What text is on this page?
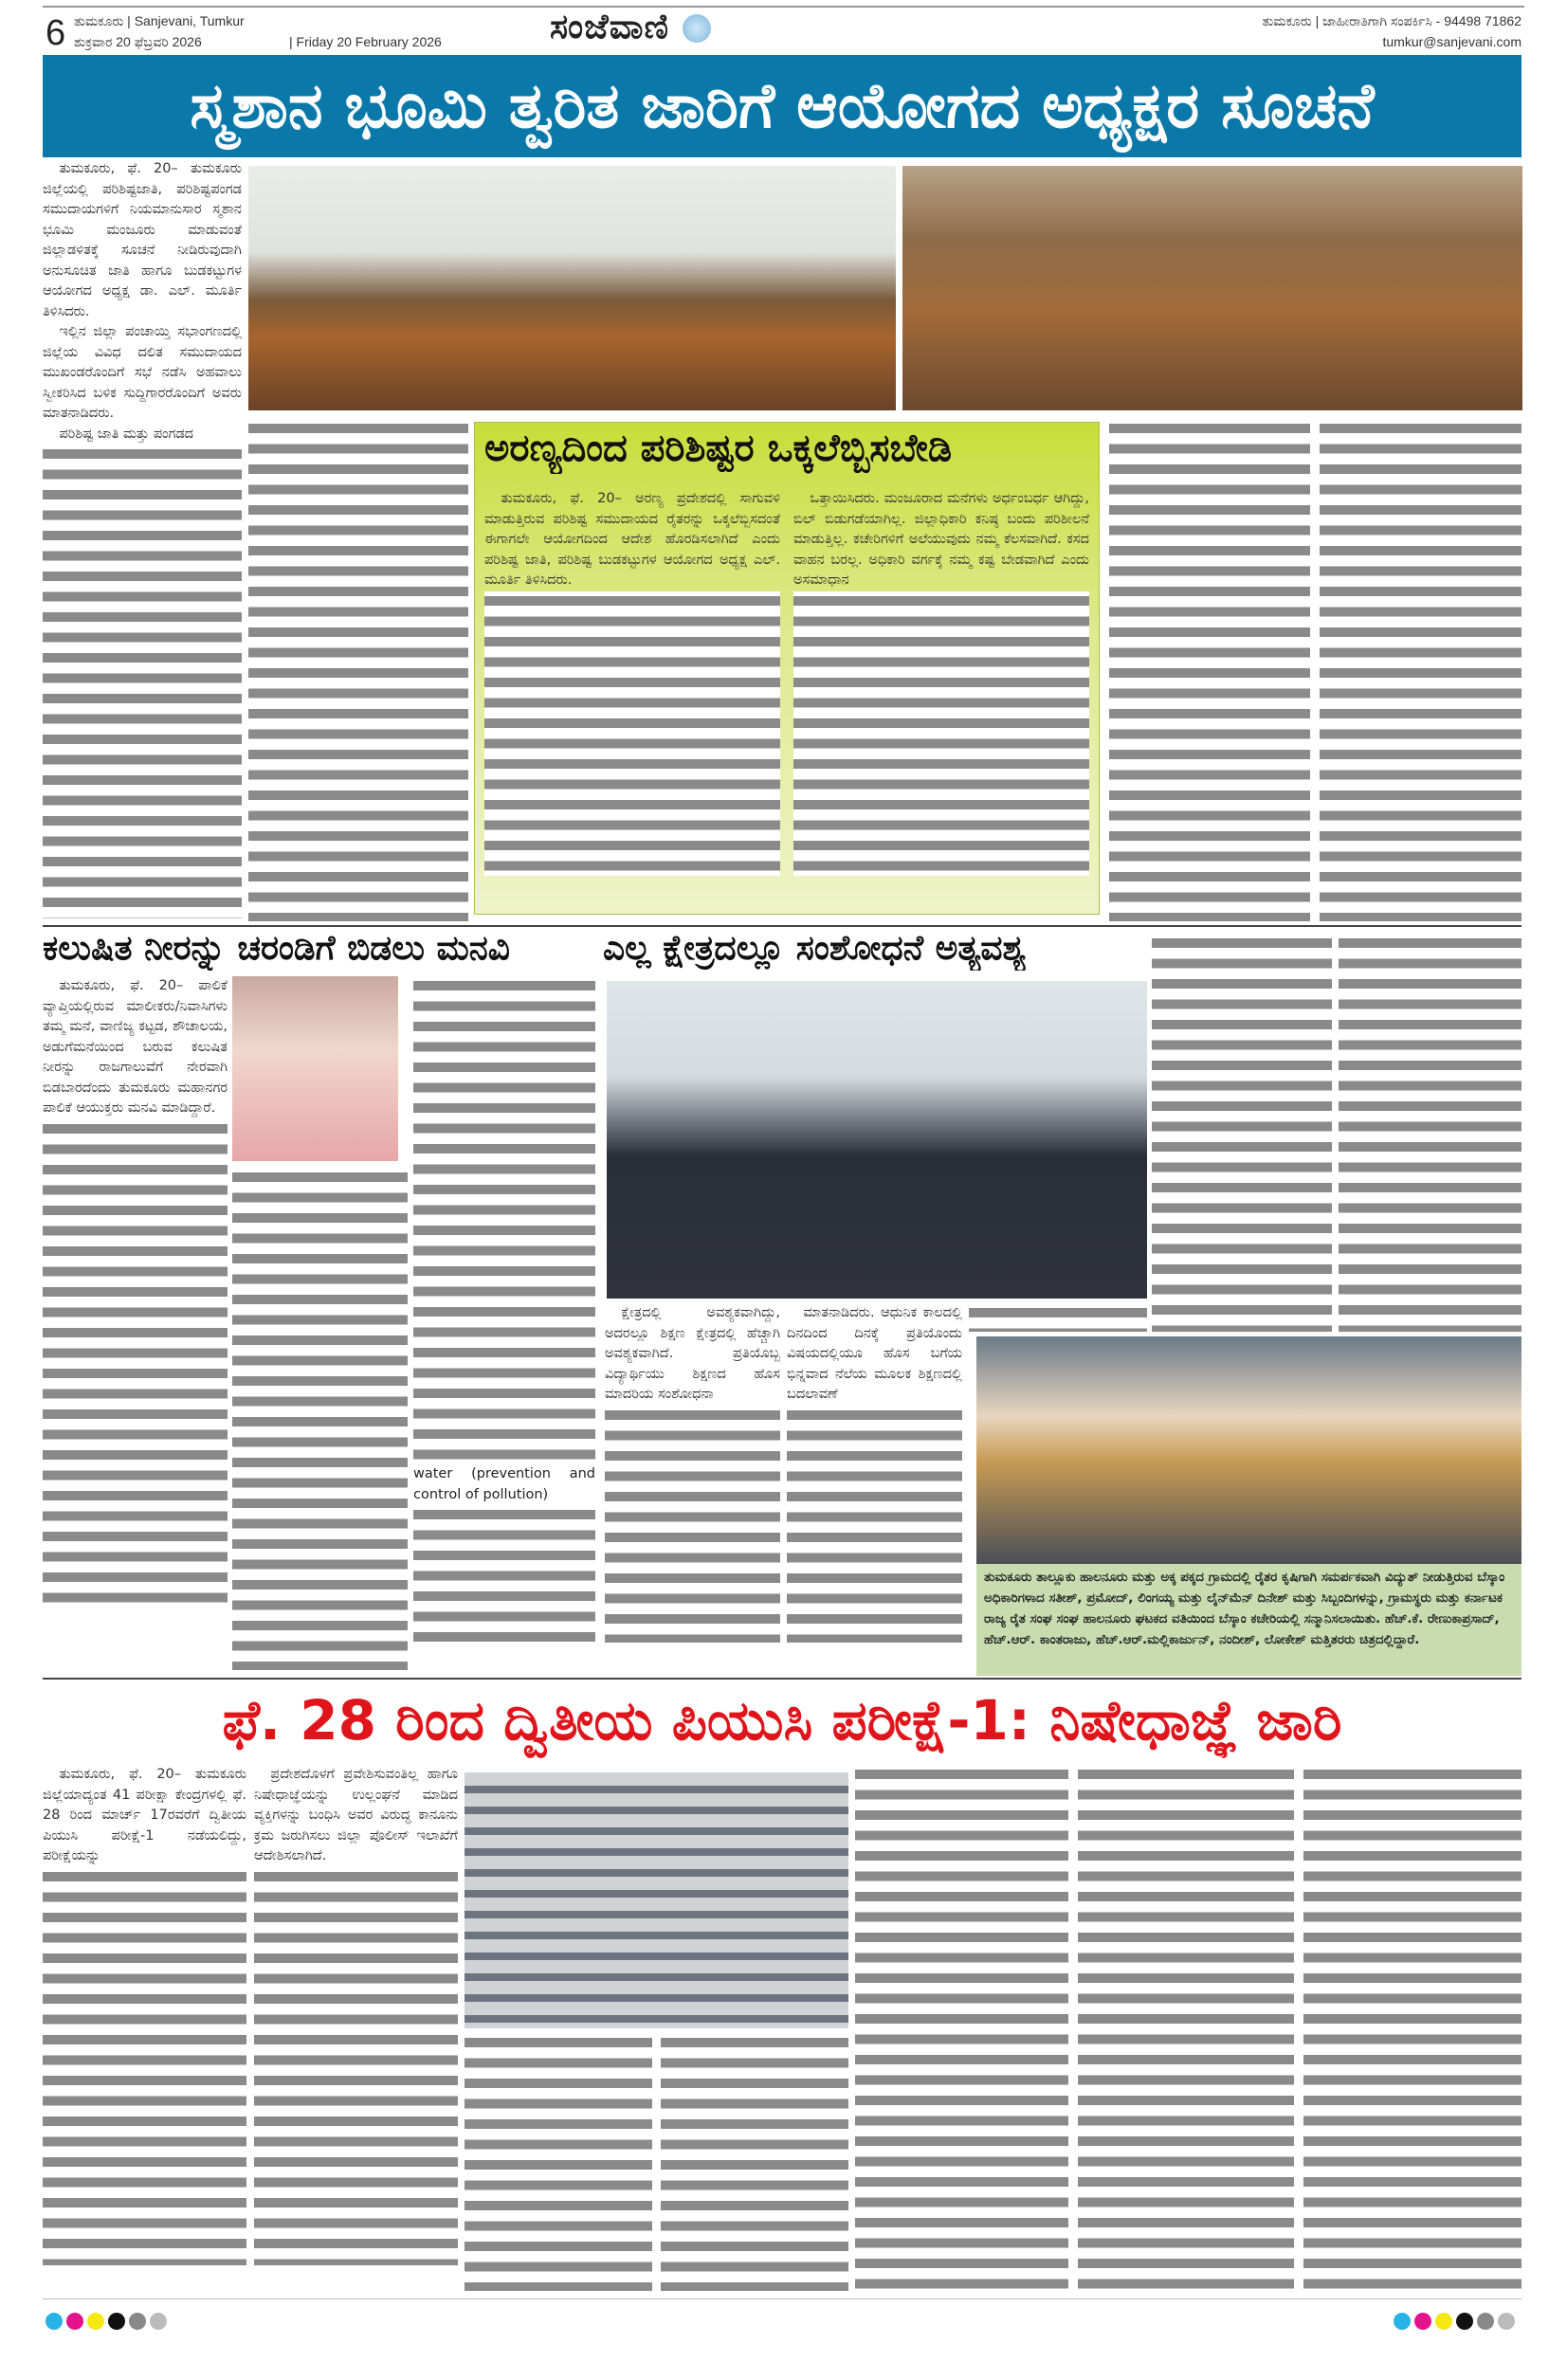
6 ತುಮಕೂರು | Sanjevani, Tumkur
ಶುಕ್ರವಾರ 20 ಫೆಬ್ರವರಿ 2026	| Friday 20 February 2026	ಸಂಜೆವಾಣಿ	ತುಮಕೂರು | ಜಾಹೀರಾತಿಗಾಗಿ ಸಂಪರ್ಕಿಸಿ - 94498 71862
tumkur@sanjevani.com
ಸ್ಮಶಾನ ಭೂಮಿ ತ್ವರಿತ ಜಾರಿಗೆ ಆಯೋಗದ ಅಧ್ಯಕ್ಷರ ಸೂಚನೆ

ತುಮಕೂರು, ಫೆ. 20– ತುಮಕೂರು ಜಿಲ್ಲೆಯಲ್ಲಿ ಪರಿಶಿಷ್ಟಜಾತಿ, ಪರಿಶಿಷ್ಟಪಂಗಡ ಸಮುದಾಯಗಳಿಗೆ ನಿಯಮಾನುಸಾರ ಸ್ಮಶಾನ ಭೂಮಿ ಮಂಜೂರು ಮಾಡುವಂತೆ ಜಿಲ್ಲಾಡಳಿತಕ್ಕೆ ಸೂಚನೆ ನೀಡಿರುವುದಾಗಿ ಅನುಸೂಚಿತ ಜಾತಿ ಹಾಗೂ ಬುಡಕಟ್ಟುಗಳ ಆಯೋಗದ ಅಧ್ಯಕ್ಷ ಡಾ. ಎಲ್. ಮೂರ್ತಿ ತಿಳಿಸಿದರು.

ಇಲ್ಲಿನ ಜಿಲ್ಲಾ ಪಂಚಾಯ್ತಿ ಸಭಾಂಗಣದಲ್ಲಿ ಜಿಲ್ಲೆಯ ವಿವಿಧ ದಲಿತ ಸಮುದಾಯದ ಮುಖಂಡರೊಂದಿಗೆ ಸಭೆ ನಡೆಸಿ ಅಹವಾಲು ಸ್ವೀಕರಿಸಿದ ಬಳಿಕ ಸುದ್ದಿಗಾರರೊಂದಿಗೆ ಅವರು ಮಾತನಾಡಿದರು.

ಪರಿಶಿಷ್ಟ ಜಾತಿ ಮತ್ತು ಪಂಗಡದ	ಅರಣ್ಯದಿಂದ ಪರಿಶಿಷ್ಟರ ಒಕ್ಕಲೆಬ್ಬಿಸಬೇಡಿ

ತುಮಕೂರು, ಫೆ. 20– ಅರಣ್ಯ ಪ್ರದೇಶದಲ್ಲಿ ಸಾಗುವಳಿ ಮಾಡುತ್ತಿರುವ ಪರಿಶಿಷ್ಟ ಸಮುದಾಯದ ರೈತರನ್ನು ಒಕ್ಕಲೆಬ್ಬಿಸದಂತೆ ಈಗಾಗಲೇ ಆಯೋಗದಿಂದ ಆದೇಶ ಹೊರಡಿಸಲಾಗಿದೆ ಎಂದು ಪರಿಶಿಷ್ಟ ಜಾತಿ, ಪರಿಶಿಷ್ಟ ಬುಡಕಟ್ಟುಗಳ ಆಯೋಗದ ಅಧ್ಯಕ್ಷ ಎಲ್. ಮೂರ್ತಿ ತಿಳಿಸಿದರು.

ಒತ್ತಾಯಿಸಿದರು. ಮಂಜೂರಾದ ಮನೆಗಳು ಅರ್ಧಂಬರ್ಧ ಆಗಿದ್ದು, ಬಿಲ್ ಬಿಡುಗಡೆಯಾಗಿಲ್ಲ. ಜಿಲ್ಲಾಧಿಕಾರಿ ಕನಿಷ್ಠ ಬಂದು ಪರಿಶೀಲನೆ ಮಾಡುತ್ತಿಲ್ಲ. ಕಚೇರಿಗಳಿಗೆ ಅಲೆಯುವುದು ನಮ್ಮ ಕೆಲಸವಾಗಿದೆ. ಕಸದ ವಾಹನ ಬರಲ್ಲ. ಅಧಿಕಾರಿ ವರ್ಗಕ್ಕೆ ನಮ್ಮ ಕಷ್ಟ ಬೇಡವಾಗಿದೆ ಎಂದು ಅಸಮಾಧಾನ

ಕಲುಷಿತ ನೀರನ್ನು ಚರಂಡಿಗೆ ಬಿಡಲು ಮನವಿ

ತುಮಕೂರು, ಫೆ. 20– ಪಾಲಿಕೆ ವ್ಯಾಪ್ತಿಯಲ್ಲಿರುವ ಮಾಲೀಕರು/ನಿವಾಸಿಗಳು ತಮ್ಮ ಮನೆ, ವಾಣಿಜ್ಯ ಕಟ್ಟಡ, ಶೌಚಾಲಯ, ಅಡುಗೆಮನೆಯಿಂದ ಬರುವ ಕಲುಷಿತ ನೀರನ್ನು ರಾಜಗಾಲುವೆಗೆ ನೇರವಾಗಿ ಬಿಡಬಾರದೆಂದು ತುಮಕೂರು ಮಹಾನಗರ ಪಾಲಿಕೆ ಆಯುಕ್ತರು ಮನವಿ ಮಾಡಿದ್ದಾರೆ.

water (prevention and control of pollution)

ಎಲ್ಲ ಕ್ಷೇತ್ರದಲ್ಲೂ ಸಂಶೋಧನೆ ಅತ್ಯವಶ್ಯ

ಕ್ಷೇತ್ರದಲ್ಲಿ ಅವಶ್ಯಕವಾಗಿದ್ದು, ಅದರಲ್ಲೂ ಶಿಕ್ಷಣ ಕ್ಷೇತ್ರದಲ್ಲಿ ಹೆಚ್ಚಾಗಿ ಅವಶ್ಯಕವಾಗಿದೆ. ಪ್ರತಿಯೊಬ್ಬ ವಿದ್ಯಾರ್ಥಿಯು ಶಿಕ್ಷಣದ ಹೊಸ ಮಾದರಿಯ ಸಂಶೋಧನಾ

ಮಾತನಾಡಿದರು. ಆಧುನಿಕ ಕಾಲದಲ್ಲಿ ದಿನದಿಂದ ದಿನಕ್ಕೆ ಪ್ರತಿಯೊಂದು ವಿಷಯದಲ್ಲಿಯೂ ಹೊಸ ಬಗೆಯ ಭಿನ್ನವಾದ ನೆಲೆಯ ಮೂಲಕ ಶಿಕ್ಷಣದಲ್ಲಿ ಬದಲಾವಣೆ

ತುಮಕೂರು ತಾಲ್ಲೂಕು ಹಾಲನೂರು ಮತ್ತು ಅಕ್ಕ ಪಕ್ಕದ ಗ್ರಾಮದಲ್ಲಿ ರೈತರ ಕೃಷಿಗಾಗಿ ಸಮರ್ಪಕವಾಗಿ ವಿದ್ಯುತ್ ನೀಡುತ್ತಿರುವ ಬೆಸ್ಕಾಂ ಅಧಿಕಾರಿಗಳಾದ ಸತೀಶ್, ಪ್ರಮೋದ್, ಲಿಂಗಯ್ಯ ಮತ್ತು ಲೈನ್‌ಮೆನ್ ದಿನೇಶ್ ಮತ್ತು ಸಿಬ್ಬಂದಿಗಳನ್ನು, ಗ್ರಾಮಸ್ಥರು ಮತ್ತು ಕರ್ನಾಟಕ ರಾಜ್ಯ ರೈತ ಸಂಘ ಸಂಘ ಹಾಲನೂರು ಘಟಕದ ವತಿಯಿಂದ ಬೆಸ್ಕಾಂ ಕಚೇರಿಯಲ್ಲಿ ಸನ್ಮಾನಿಸಲಾಯಿತು. ಹೆಚ್.ಕೆ. ರೇಣುಕಾಪ್ರಸಾದ್, ಹೆಚ್.ಆರ್. ಕಾಂತರಾಜು, ಹೆಚ್.ಆರ್.ಮಲ್ಲಿಕಾರ್ಜುನ್, ನಂದೀಶ್, ಲೋಕೇಶ್ ಮತ್ತಿತರರು ಚಿತ್ರದಲ್ಲಿದ್ದಾರೆ.
ಫೆ. 28 ರಿಂದ ದ್ವಿತೀಯ ಪಿಯುಸಿ ಪರೀಕ್ಷೆ-1: ನಿಷೇಧಾಜ್ಞೆ ಜಾರಿ

ತುಮಕೂರು, ಫೆ. 20– ತುಮಕೂರು ಜಿಲ್ಲೆಯಾದ್ಯಂತ 41 ಪರೀಕ್ಷಾ ಕೇಂದ್ರಗಳಲ್ಲಿ ಫೆ. 28 ರಿಂದ ಮಾರ್ಚ್ 17ರವರೆಗೆ ದ್ವಿತೀಯ ಪಿಯುಸಿ ಪರೀಕ್ಷೆ-1 ನಡೆಯಲಿದ್ದು, ಪರೀಕ್ಷೆಯನ್ನು

ಪ್ರದೇಶದೊಳಗೆ ಪ್ರವೇಶಿಸುವಂತಿಲ್ಲ ಹಾಗೂ ನಿಷೇಧಾಜ್ಞೆಯನ್ನು ಉಲ್ಲಂಘನೆ ಮಾಡಿದ ವ್ಯಕ್ತಿಗಳನ್ನು ಬಂಧಿಸಿ ಅವರ ವಿರುದ್ಧ ಕಾನೂನು ಕ್ರಮ ಜರುಗಿಸಲು ಜಿಲ್ಲಾ ಪೊಲೀಸ್ ಇಲಾಖೆಗೆ ಆದೇಶಿಸಲಾಗಿದೆ.
